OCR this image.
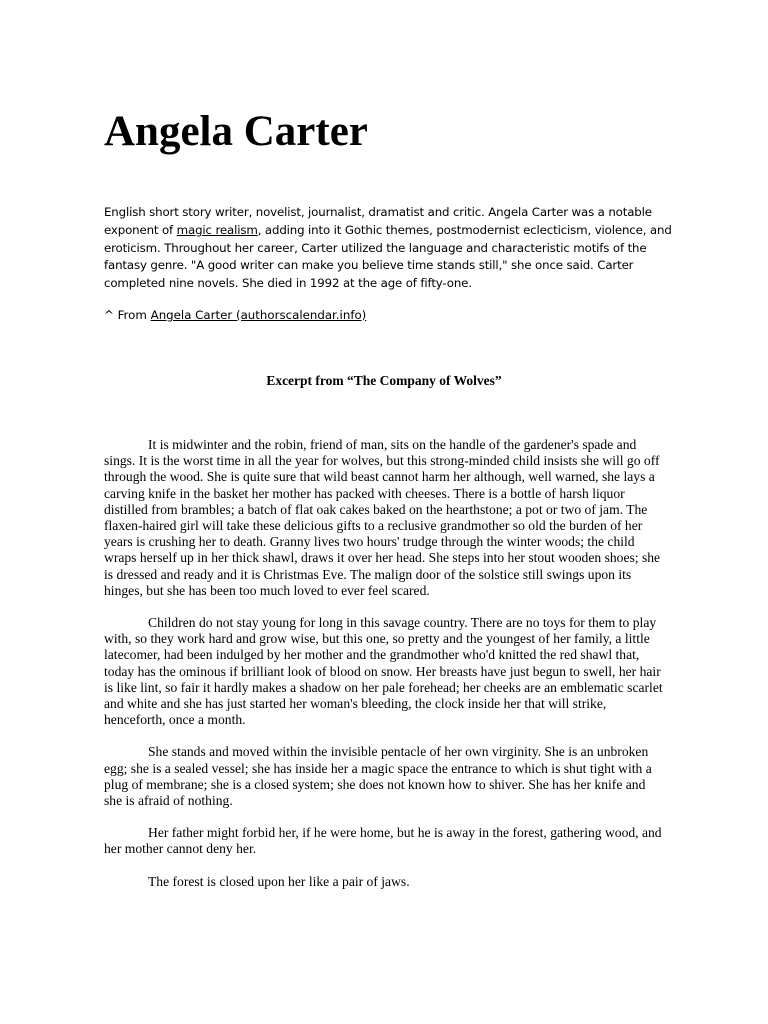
Angela Carter

English short story writer, novelist, journalist, dramatist and critic. Angela Carter was a notable exponent of magic realism, adding into it Gothic themes, postmodernist eclecticism, violence, and eroticism. Throughout her career, Carter utilized the language and characteristic motifs of the fantasy genre. "A good writer can make you believe time stands still," she once said. Carter completed nine novels. She died in 1992 at the age of fifty-one.

^ From Angela Carter (authorscalendar.info)

Excerpt from “The Company of Wolves”

It is midwinter and the robin, friend of man, sits on the handle of the gardener's spade and sings. It is the worst time in all the year for wolves, but this strong-minded child insists she will go off through the wood. She is quite sure that wild beast cannot harm her although, well warned, she lays a carving knife in the basket her mother has packed with cheeses. There is a bottle of harsh liquor distilled from brambles; a batch of flat oak cakes baked on the hearthstone; a pot or two of jam. The flaxen-haired girl will take these delicious gifts to a reclusive grandmother so old the burden of her years is crushing her to death. Granny lives two hours' trudge through the winter woods; the child wraps herself up in her thick shawl, draws it over her head. She steps into her stout wooden shoes; she is dressed and ready and it is Christmas Eve. The malign door of the solstice still swings upon its hinges, but she has been too much loved to ever feel scared.

Children do not stay young for long in this savage country. There are no toys for them to play with, so they work hard and grow wise, but this one, so pretty and the youngest of her family, a little latecomer, had been indulged by her mother and the grandmother who'd knitted the red shawl that, today has the ominous if brilliant look of blood on snow. Her breasts have just begun to swell, her hair is like lint, so fair it hardly makes a shadow on her pale forehead; her cheeks are an emblematic scarlet and white and she has just started her woman's bleeding, the clock inside her that will strike, henceforth, once a month.

She stands and moved within the invisible pentacle of her own virginity. She is an unbroken egg; she is a sealed vessel; she has inside her a magic space the entrance to which is shut tight with a plug of membrane; she is a closed system; she does not known how to shiver. She has her knife and she is afraid of nothing.

Her father might forbid her, if he were home, but he is away in the forest, gathering wood, and her mother cannot deny her.

The forest is closed upon her like a pair of jaws.
